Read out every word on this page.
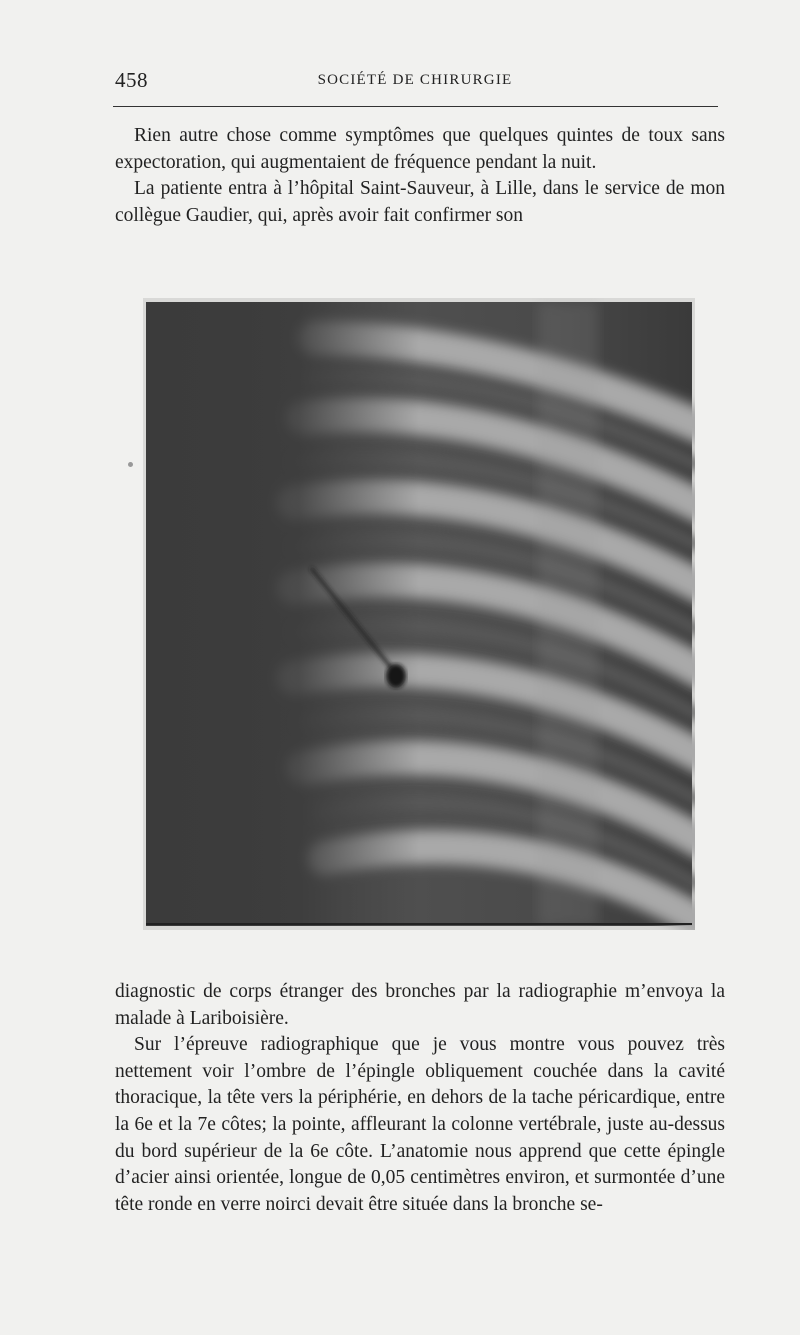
458	SOCIÉTÉ DE CHIRURGIE

Rien autre chose comme symptômes que quelques quintes de toux sans expectoration, qui augmentaient de fréquence pendant la nuit.

La patiente entra à l’hôpital Saint-Sauveur, à Lille, dans le service de mon collègue Gaudier, qui, après avoir fait confirmer son

diagnostic de corps étranger des bronches par la radiographie m’envoya la malade à Lariboisière.

Sur l’épreuve radiographique que je vous montre vous pouvez très nettement voir l’ombre de l’épingle obliquement couchée dans la cavité thoracique, la tête vers la périphérie, en dehors de la tache péricardique, entre la 6e et la 7e côtes; la pointe, affleurant la colonne vertébrale, juste au-dessus du bord supérieur de la 6e côte. L’anatomie nous apprend que cette épingle d’acier ainsi orientée, longue de 0,05 centimètres environ, et surmontée d’une tête ronde en verre noirci devait être située dans la bronche se-
